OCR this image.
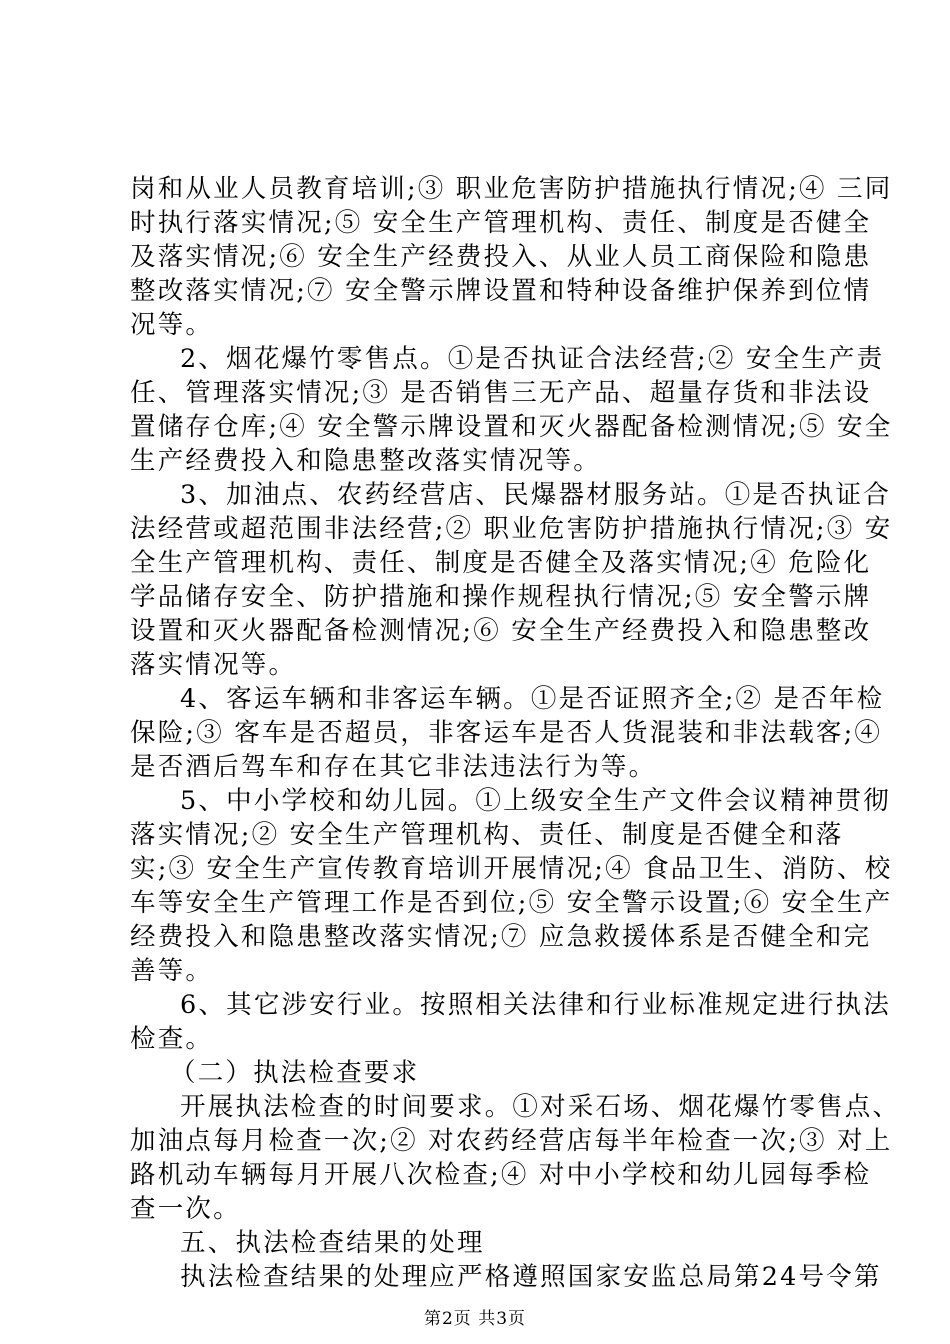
岗和从业人员教育培训;③ 职业危害防护措施执行情况;④ 三同
时执行落实情况;⑤ 安全生产管理机构、责任、制度是否健全
及落实情况;⑥ 安全生产经费投入、从业人员工商保险和隐患
整改落实情况;⑦ 安全警示牌设置和特种设备维护保养到位情
况等。
2、烟花爆竹零售点。①是否执证合法经营;② 安全生产责
任、管理落实情况;③ 是否销售三无产品、超量存货和非法设
置储存仓库;④ 安全警示牌设置和灭火器配备检测情况;⑤ 安全
生产经费投入和隐患整改落实情况等。
3、加油点、农药经营店、民爆器材服务站。①是否执证合
法经营或超范围非法经营;② 职业危害防护措施执行情况;③ 安
全生产管理机构、责任、制度是否健全及落实情况;④ 危险化
学品储存安全、防护措施和操作规程执行情况;⑤ 安全警示牌
设置和灭火器配备检测情况;⑥ 安全生产经费投入和隐患整改
落实情况等。
4、客运车辆和非客运车辆。①是否证照齐全;② 是否年检
保险;③ 客车是否超员，非客运车是否人货混装和非法载客;④
是否酒后驾车和存在其它非法违法行为等。
5、中小学校和幼儿园。①上级安全生产文件会议精神贯彻
落实情况;② 安全生产管理机构、责任、制度是否健全和落
实;③ 安全生产宣传教育培训开展情况;④ 食品卫生、消防、校
车等安全生产管理工作是否到位;⑤ 安全警示设置;⑥ 安全生产
经费投入和隐患整改落实情况;⑦ 应急救援体系是否健全和完
善等。
6、其它涉安行业。按照相关法律和行业标准规定进行执法
检查。
（二）执法检查要求
开展执法检查的时间要求。①对采石场、烟花爆竹零售点、
加油点每月检查一次;② 对农药经营店每半年检查一次;③ 对上
路机动车辆每月开展八次检查;④ 对中小学校和幼儿园每季检
查一次。
五、执法检查结果的处理
执法检查结果的处理应严格遵照国家安监总局第24号令第
第2页 共3页
